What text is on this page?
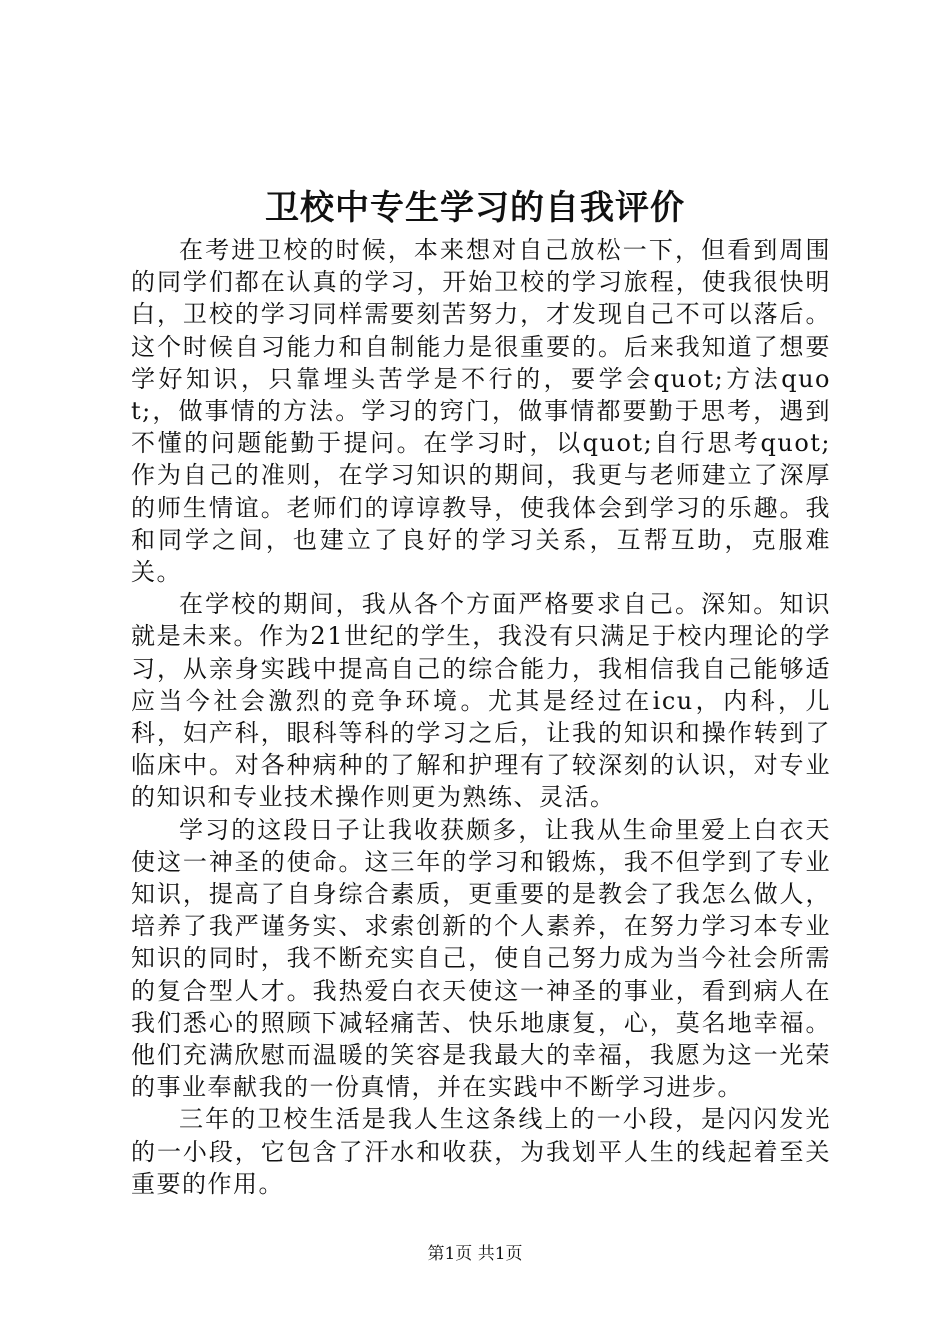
卫校中专生学习的自我评价

在考进卫校的时候，本来想对自己放松一下，但看到周围的同学们都在认真的学习，开始卫校的学习旅程，使我很快明白，卫校的学习同样需要刻苦努力，才发现自己不可以落后。这个时候自习能力和自制能力是很重要的。后来我知道了想要学好知识，只靠埋头苦学是不行的，要学会quot;方法quot;，做事情的方法。学习的窍门，做事情都要勤于思考，遇到不懂的问题能勤于提问。在学习时，以quot;自行思考quot;作为自己的准则，在学习知识的期间，我更与老师建立了深厚的师生情谊。老师们的谆谆教导，使我体会到学习的乐趣。我和同学之间，也建立了良好的学习关系，互帮互助，克服难关。

在学校的期间，我从各个方面严格要求自己。深知。知识就是未来。作为21世纪的学生，我没有只满足于校内理论的学习，从亲身实践中提高自己的综合能力，我相信我自己能够适应当今社会激烈的竞争环境。尤其是经过在icu，内科，儿科，妇产科，眼科等科的学习之后，让我的知识和操作转到了临床中。对各种病种的了解和护理有了较深刻的认识，对专业的知识和专业技术操作则更为熟练、灵活。

学习的这段日子让我收获颇多，让我从生命里爱上白衣天使这一神圣的使命。这三年的学习和锻炼，我不但学到了专业知识，提高了自身综合素质，更重要的是教会了我怎么做人，培养了我严谨务实、求索创新的个人素养，在努力学习本专业知识的同时，我不断充实自己，使自己努力成为当今社会所需的复合型人才。我热爱白衣天使这一神圣的事业，看到病人在我们悉心的照顾下减轻痛苦、快乐地康复，心，莫名地幸福。他们充满欣慰而温暖的笑容是我最大的幸福，我愿为这一光荣的事业奉献我的一份真情，并在实践中不断学习进步。

三年的卫校生活是我人生这条线上的一小段，是闪闪发光的一小段，它包含了汗水和收获，为我划平人生的线起着至关重要的作用。

第1页 共1页
